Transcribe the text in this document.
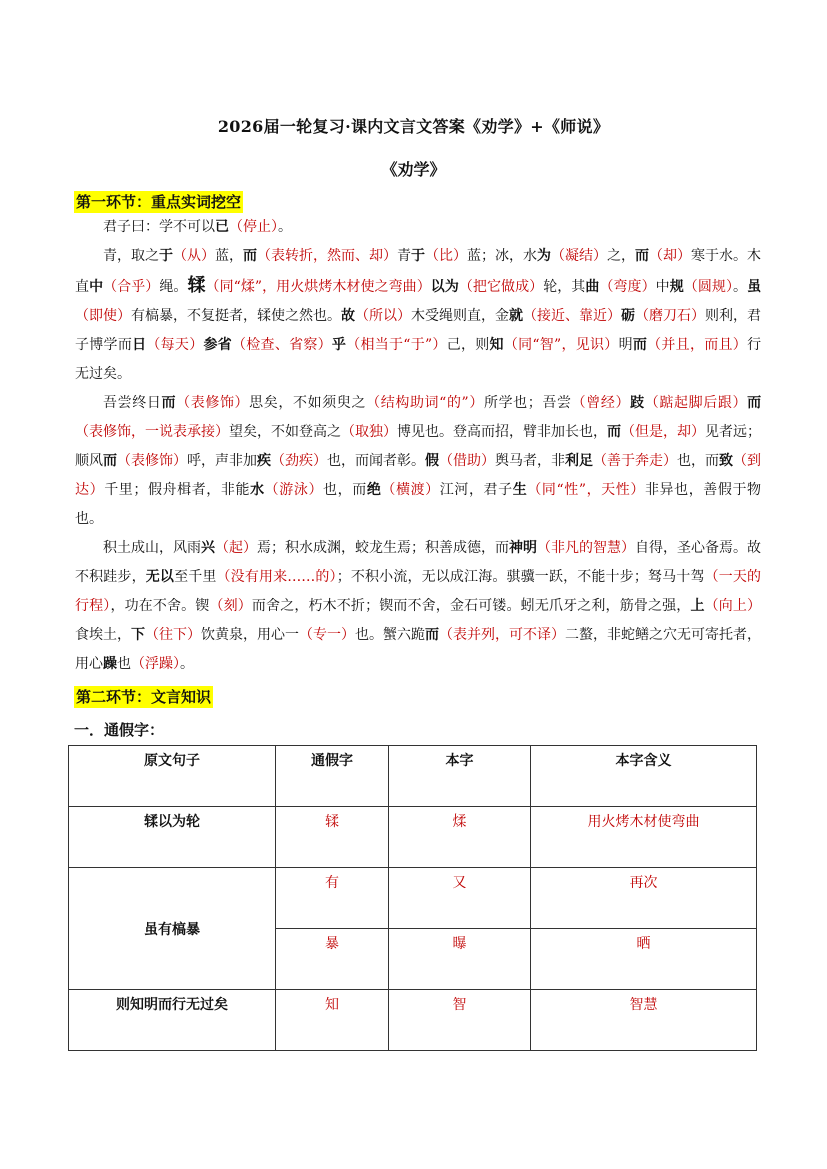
2026届一轮复习·课内文言文答案《劝学》+《师说》
《劝学》
第一环节：重点实词挖空

君子曰：学不可以已（停止）。

青，取之于（从）蓝，而（表转折，然而、却）青于（比）蓝；冰，水为（凝结）之，而（却）寒于水。木直中（合乎）绳。𫐓（同“煣”，用火烘烤木材使之弯曲）以为（把它做成）轮，其曲（弯度）中规（圆规）。虽（即使）有槁暴，不复挺者，𫐓使之然也。故（所以）木受绳则直，金就（接近、靠近）砺（磨刀石）则利，君子博学而日（每天）参省（检查、省察）乎（相当于“于”）己，则知（同“智”，见识）明而（并且，而且）行无过矣。

吾尝终日而（表修饰）思矣，不如须臾之（结构助词“的”）所学也；吾尝（曾经）跂（踮起脚后跟）而（表修饰，一说表承接）望矣，不如登高之（取独）博见也。登高而招，臂非加长也，而（但是，却）见者远；顺风而（表修饰）呼，声非加疾（劲疾）也，而闻者彰。假（借助）舆马者，非利足（善于奔走）也，而致（到达）千里；假舟楫者，非能水（游泳）也，而绝（横渡）江河，君子生（同“性”，天性）非异也，善假于物也。

积土成山，风雨兴（起）焉；积水成渊，蛟龙生焉；积善成德，而神明（非凡的智慧）自得，圣心备焉。故不积跬步，无以至千里（没有用来……的）；不积小流，无以成江海。骐骥一跃，不能十步；驽马十驾（一天的行程），功在不舍。锲（刻）而舍之，朽木不折；锲而不舍，金石可镂。蚓无爪牙之利，筋骨之强，上（向上）食埃土，下（往下）饮黄泉，用心一（专一）也。蟹六跪而（表并列，可不译）二螯，非蛇鳝之穴无可寄托者，用心躁也（浮躁）。

第二环节：文言知识
一．通假字：
原文句子	通假字	本字	本字含义
𫐓以为轮	𫐓	煣	用火烤木材使弯曲
虽有槁暴	有	又	再次
	暴	曝	晒
则知明而行无过矣	知	智	智慧
